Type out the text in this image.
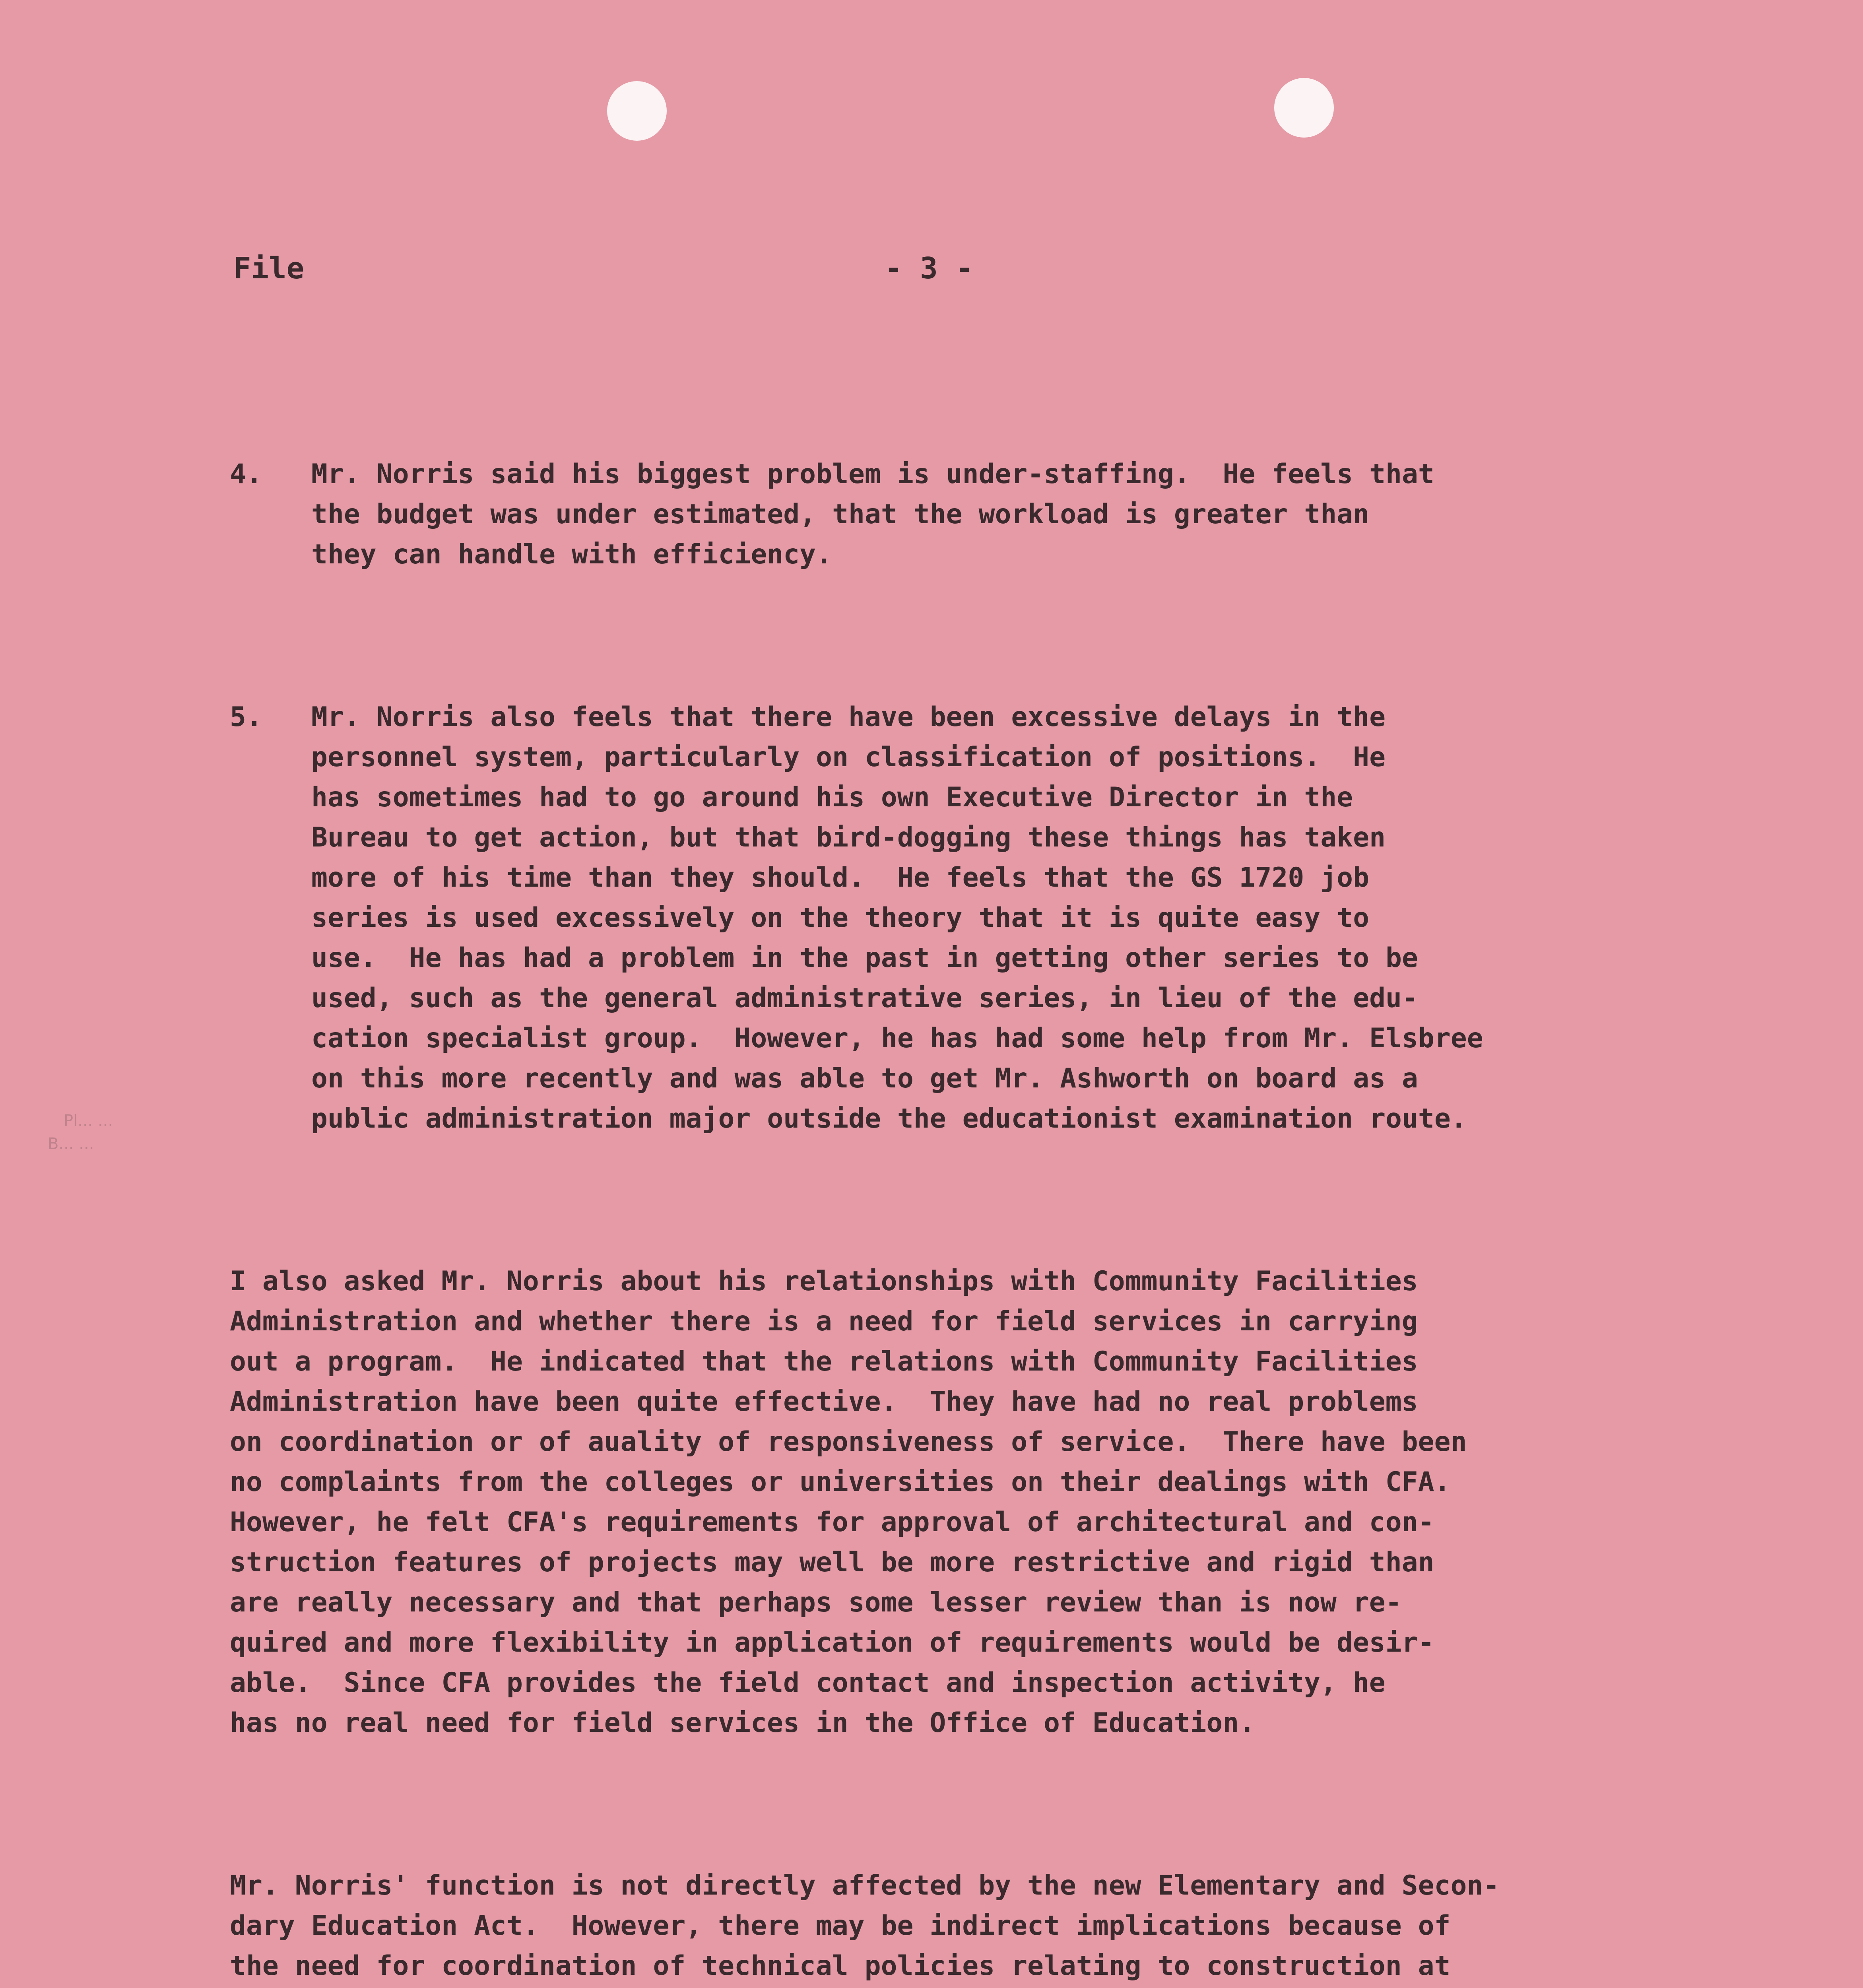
Pl... ...
B... ...
File	- 3 -

4.	Mr. Norris said his biggest problem is under-staffing.  He feels that
the budget was under estimated, that the workload is greater than
they can handle with efficiency.

5.	Mr. Norris also feels that there have been excessive delays in the
personnel system, particularly on classification of positions.  He
has sometimes had to go around his own Executive Director in the
Bureau to get action, but that bird-dogging these things has taken
more of his time than they should.  He feels that the GS 1720 job
series is used excessively on the theory that it is quite easy to
use.  He has had a problem in the past in getting other series to be
used, such as the general administrative series, in lieu of the edu-
cation specialist group.  However, he has had some help from Mr. Elsbree
on this more recently and was able to get Mr. Ashworth on board as a
public administration major outside the educationist examination route.

I also asked Mr. Norris about his relationships with Community Facilities
Administration and whether there is a need for field services in carrying
out a program.  He indicated that the relations with Community Facilities
Administration have been quite effective.  They have had no real problems
on coordination or of auality of responsiveness of service.  There have been
no complaints from the colleges or universities on their dealings with CFA.
However, he felt CFA's requirements for approval of architectural and con-
struction features of projects may well be more restrictive and rigid than
are really necessary and that perhaps some lesser review than is now re-
quired and more flexibility in application of requirements would be desir-
able.  Since CFA provides the field contact and inspection activity, he
has no real need for field services in the Office of Education.

Mr. Norris' function is not directly affected by the new Elementary and Secon-
dary Education Act.  However, there may be indirect implications because of
the need for coordination of technical policies relating to construction at
